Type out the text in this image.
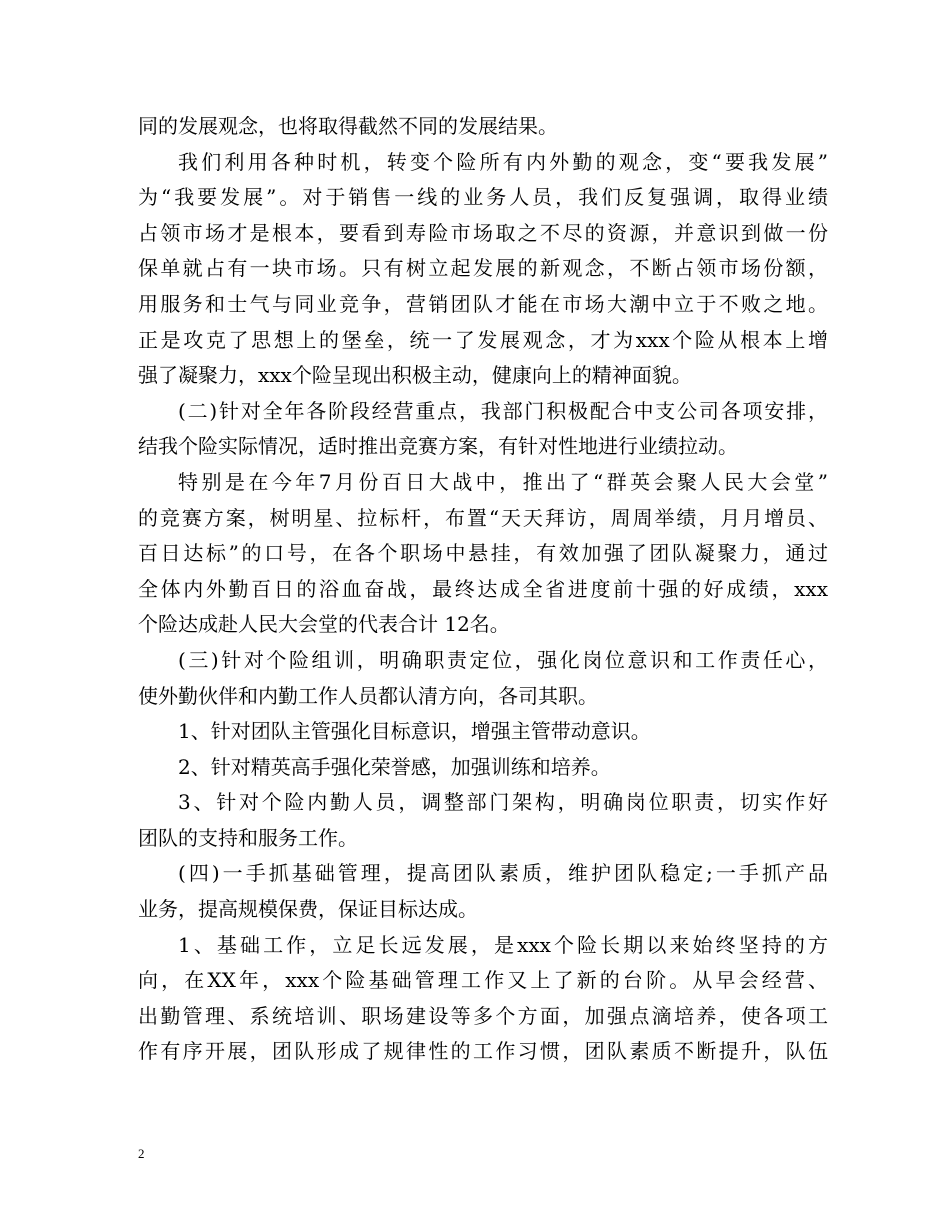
同的发展观念，也将取得截然不同的发展结果。
我们利用各种时机，转变个险所有内外勤的观念，变“要我发展”
为“我要发展”。对于销售一线的业务人员，我们反复强调，取得业绩
占领市场才是根本，要看到寿险市场取之不尽的资源，并意识到做一份
保单就占有一块市场。只有树立起发展的新观念，不断占领市场份额，
用服务和士气与同业竞争，营销团队才能在市场大潮中立于不败之地。
正是攻克了思想上的堡垒，统一了发展观念，才为xxx个险从根本上增
强了凝聚力，xxx个险呈现出积极主动，健康向上的精神面貌。
(二)针对全年各阶段经营重点，我部门积极配合中支公司各项安排，
结我个险实际情况，适时推出竞赛方案，有针对性地进行业绩拉动。
特别是在今年7月份百日大战中，推出了“群英会聚人民大会堂”
的竞赛方案，树明星、拉标杆，布置“天天拜访，周周举绩，月月增员、
百日达标”的口号，在各个职场中悬挂，有效加强了团队凝聚力，通过
全体内外勤百日的浴血奋战，最终达成全省进度前十强的好成绩，xxx
个险达成赴人民大会堂的代表合计 12名。
(三)针对个险组训，明确职责定位，强化岗位意识和工作责任心，
使外勤伙伴和内勤工作人员都认清方向，各司其职。
1、针对团队主管强化目标意识，增强主管带动意识。
2、针对精英高手强化荣誉感，加强训练和培养。
3、针对个险内勤人员，调整部门架构，明确岗位职责，切实作好
团队的支持和服务工作。
(四)一手抓基础管理，提高团队素质，维护团队稳定;一手抓产品
业务，提高规模保费，保证目标达成。
1、基础工作，立足长远发展，是xxx个险长期以来始终坚持的方
向，在XX年，xxx个险基础管理工作又上了新的台阶。从早会经营、
出勤管理、系统培训、职场建设等多个方面，加强点滴培养，使各项工
作有序开展，团队形成了规律性的工作习惯，团队素质不断提升，队伍
2
